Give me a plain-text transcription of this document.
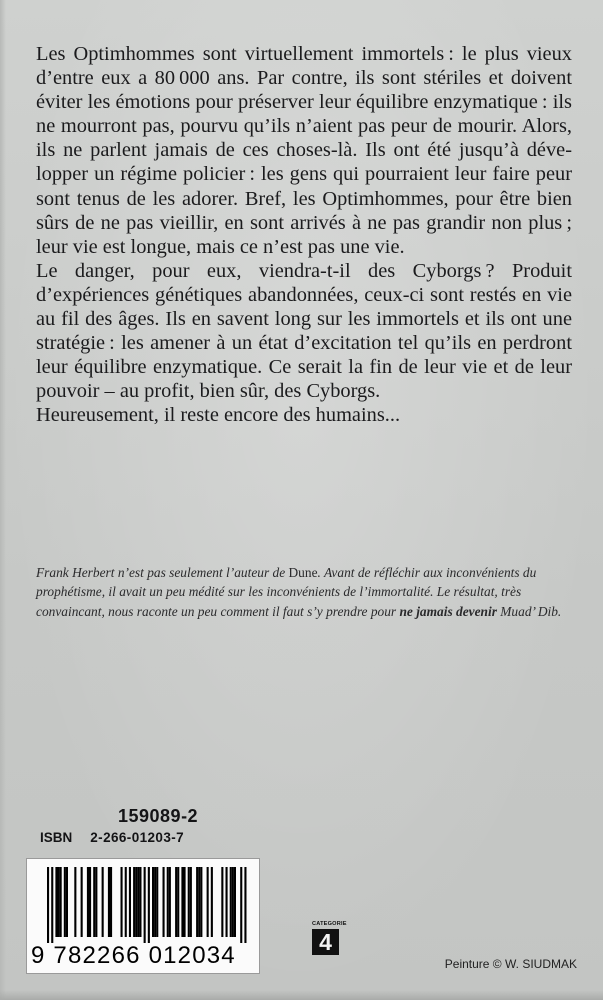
Les Optimhommes sont virtuellement immortels : le plus vieux d’entre eux a 80 000 ans. Par contre, ils sont stériles et doivent éviter les émotions pour préserver leur équilibre enzymatique : ils ne mourront pas, pourvu qu’ils n’aient pas peur de mourir. Alors, ils ne parlent jamais de ces choses-là. Ils ont été jusqu’à développer un régime policier : les gens qui pourraient leur faire peur sont tenus de les adorer. Bref, les Optimhommes, pour être bien sûrs de ne pas vieillir, en sont arrivés à ne pas grandir non plus ; leur vie est longue, mais ce n’est pas une vie.

Le danger, pour eux, viendra-t-il des Cyborgs ? Produit d’expériences génétiques abandonnées, ceux-ci sont restés en vie au fil des âges. Ils en savent long sur les immortels et ils ont une stratégie : les amener à un état d’excitation tel qu’ils en perdront leur équilibre enzymatique. Ce serait la fin de leur vie et de leur pouvoir – au profit, bien sûr, des Cyborgs.

Heureusement, il reste encore des humains...

Frank Herbert n’est pas seulement l’auteur de Dune. Avant de réfléchir aux inconvénients du prophétisme, il avait un peu médité sur les inconvénients de l’immortalité. Le résultat, très convaincant, nous raconte un peu comment il faut s’y prendre pour ne jamais devenir Muad’ Dib.
159089-2
ISBN 2-266-01203-7
9 782266 012034
CATEGORIE
4
Peinture © W. SIUDMAK
